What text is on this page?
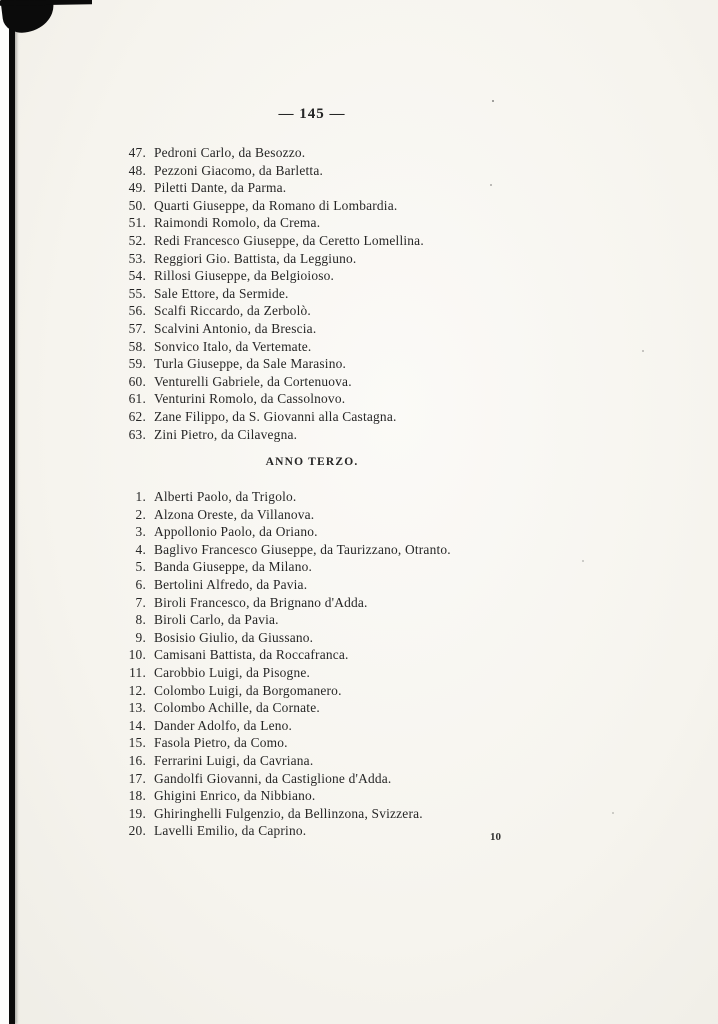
— 145 —
47. Pedroni Carlo, da Besozzo.
48. Pezzoni Giacomo, da Barletta.
49. Piletti Dante, da Parma.
50. Quarti Giuseppe, da Romano di Lombardia.
51. Raimondi Romolo, da Crema.
52. Redi Francesco Giuseppe, da Ceretto Lomellina.
53. Reggiori Gio. Battista, da Leggiuno.
54. Rillosi Giuseppe, da Belgioioso.
55. Sale Ettore, da Sermide.
56. Scalfi Riccardo, da Zerbolò.
57. Scalvini Antonio, da Brescia.
58. Sonvico Italo, da Vertemate.
59. Turla Giuseppe, da Sale Marasino.
60. Venturelli Gabriele, da Cortenuova.
61. Venturini Romolo, da Cassolnovo.
62. Zane Filippo, da S. Giovanni alla Castagna.
63. Zini Pietro, da Cilavegna.
ANNO TERZO.
1. Alberti Paolo, da Trigolo.
2. Alzona Oreste, da Villanova.
3. Appollonio Paolo, da Oriano.
4. Baglivo Francesco Giuseppe, da Taurizzano, Otranto.
5. Banda Giuseppe, da Milano.
6. Bertolini Alfredo, da Pavia.
7. Biroli Francesco, da Brignano d'Adda.
8. Biroli Carlo, da Pavia.
9. Bosisio Giulio, da Giussano.
10. Camisani Battista, da Roccafranca.
11. Carobbio Luigi, da Pisogne.
12. Colombo Luigi, da Borgomanero.
13. Colombo Achille, da Cornate.
14. Dander Adolfo, da Leno.
15. Fasola Pietro, da Como.
16. Ferrarini Luigi, da Cavriana.
17. Gandolfi Giovanni, da Castiglione d'Adda.
18. Ghigini Enrico, da Nibbiano.
19. Ghiringhelli Fulgenzio, da Bellinzona, Svizzera.
20. Lavelli Emilio, da Caprino.	10
